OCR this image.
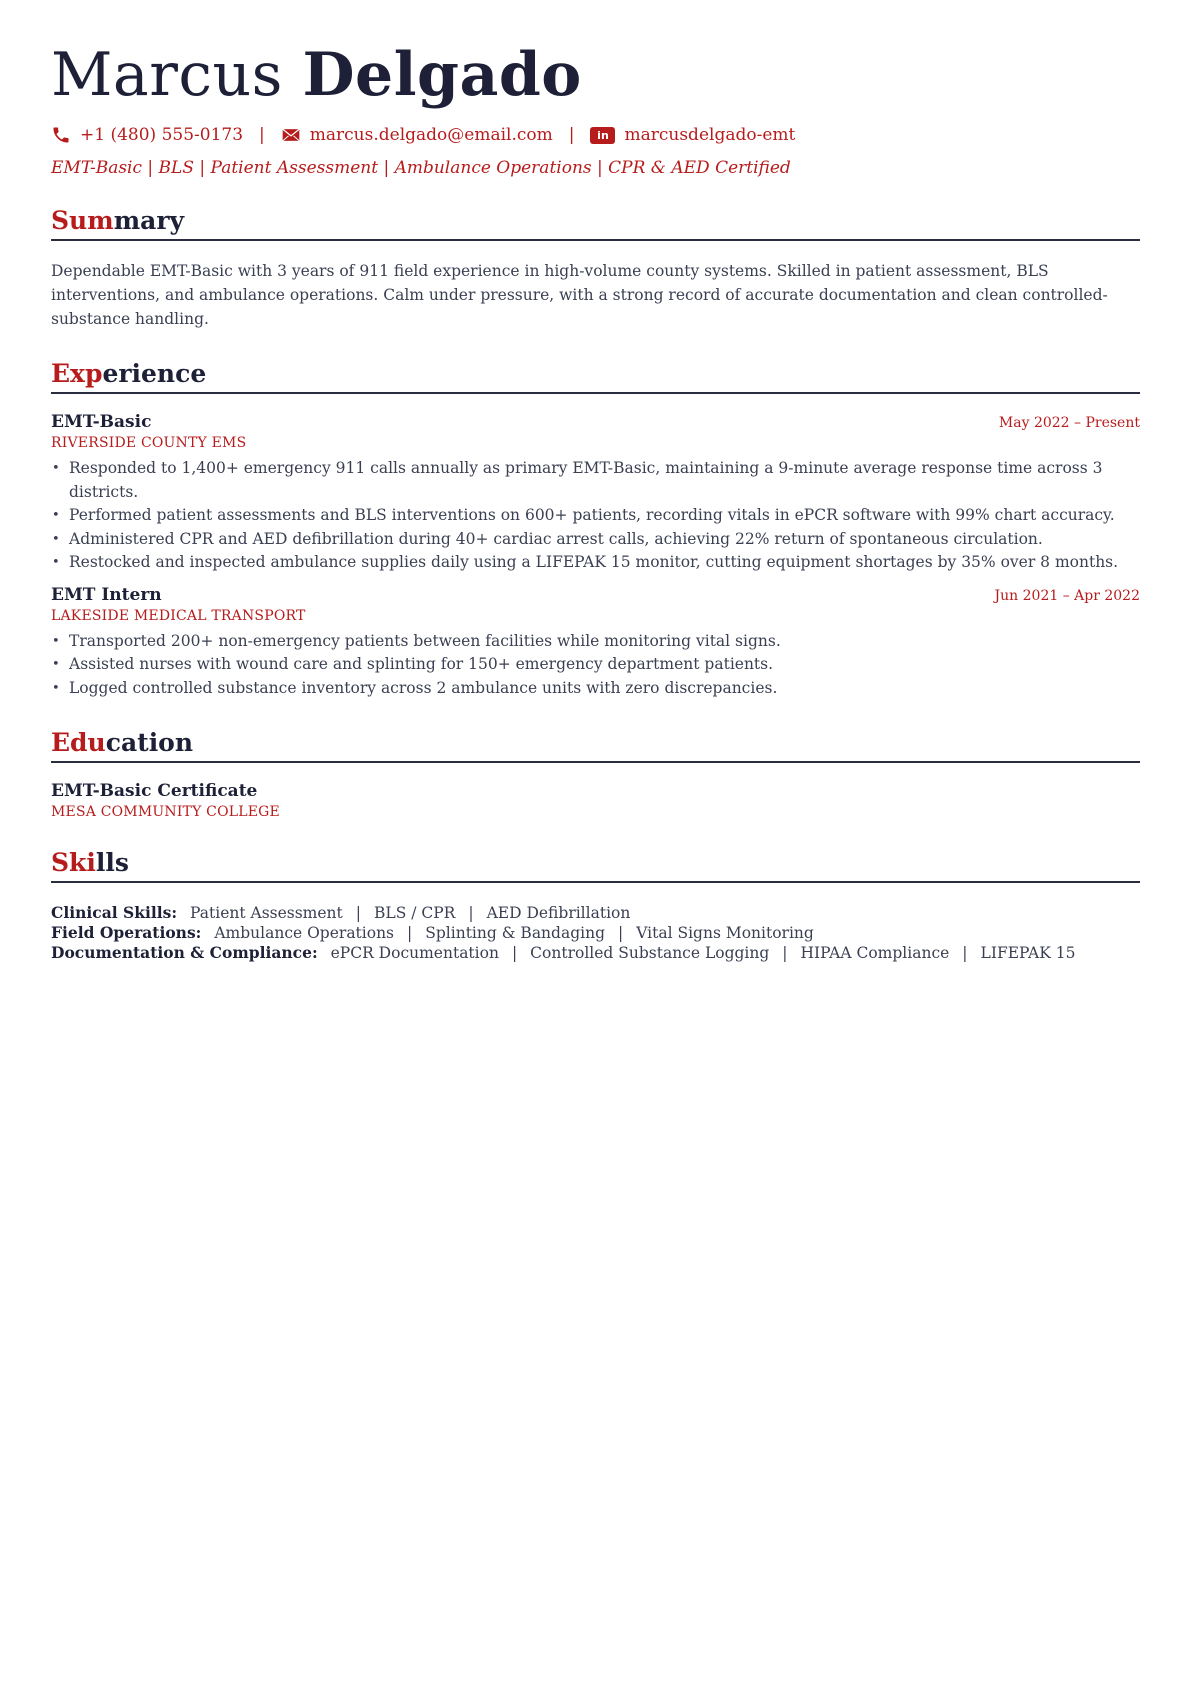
Marcus Delgado
+1 (480) 555-0173 |	marcus.delgado@email.com |	in marcusdelgado-emt
EMT-Basic | BLS | Patient Assessment | Ambulance Operations | CPR & AED Certified
Summary
Dependable EMT-Basic with 3 years of 911 field experience in high-volume county systems. Skilled in patient assessment, BLS interventions, and ambulance operations. Calm under pressure, with a strong record of accurate documentation and clean controlled-substance handling.
Experience
EMT-Basic	May 2022 – Present
RIVERSIDE COUNTY EMS
• Responded to 1,400+ emergency 911 calls annually as primary EMT-Basic, maintaining a 9-minute average response time across 3 districts.
• Performed patient assessments and BLS interventions on 600+ patients, recording vitals in ePCR software with 99% chart accuracy.
• Administered CPR and AED defibrillation during 40+ cardiac arrest calls, achieving 22% return of spontaneous circulation.
• Restocked and inspected ambulance supplies daily using a LIFEPAK 15 monitor, cutting equipment shortages by 35% over 8 months.
EMT Intern	Jun 2021 – Apr 2022
LAKESIDE MEDICAL TRANSPORT
• Transported 200+ non-emergency patients between facilities while monitoring vital signs.
• Assisted nurses with wound care and splinting for 150+ emergency department patients.
• Logged controlled substance inventory across 2 ambulance units with zero discrepancies.
Education
EMT-Basic Certificate
MESA COMMUNITY COLLEGE
Skills
Clinical Skills: Patient Assessment | BLS / CPR | AED Defibrillation
Field Operations: Ambulance Operations | Splinting & Bandaging | Vital Signs Monitoring
Documentation & Compliance: ePCR Documentation | Controlled Substance Logging | HIPAA Compliance | LIFEPAK 15
